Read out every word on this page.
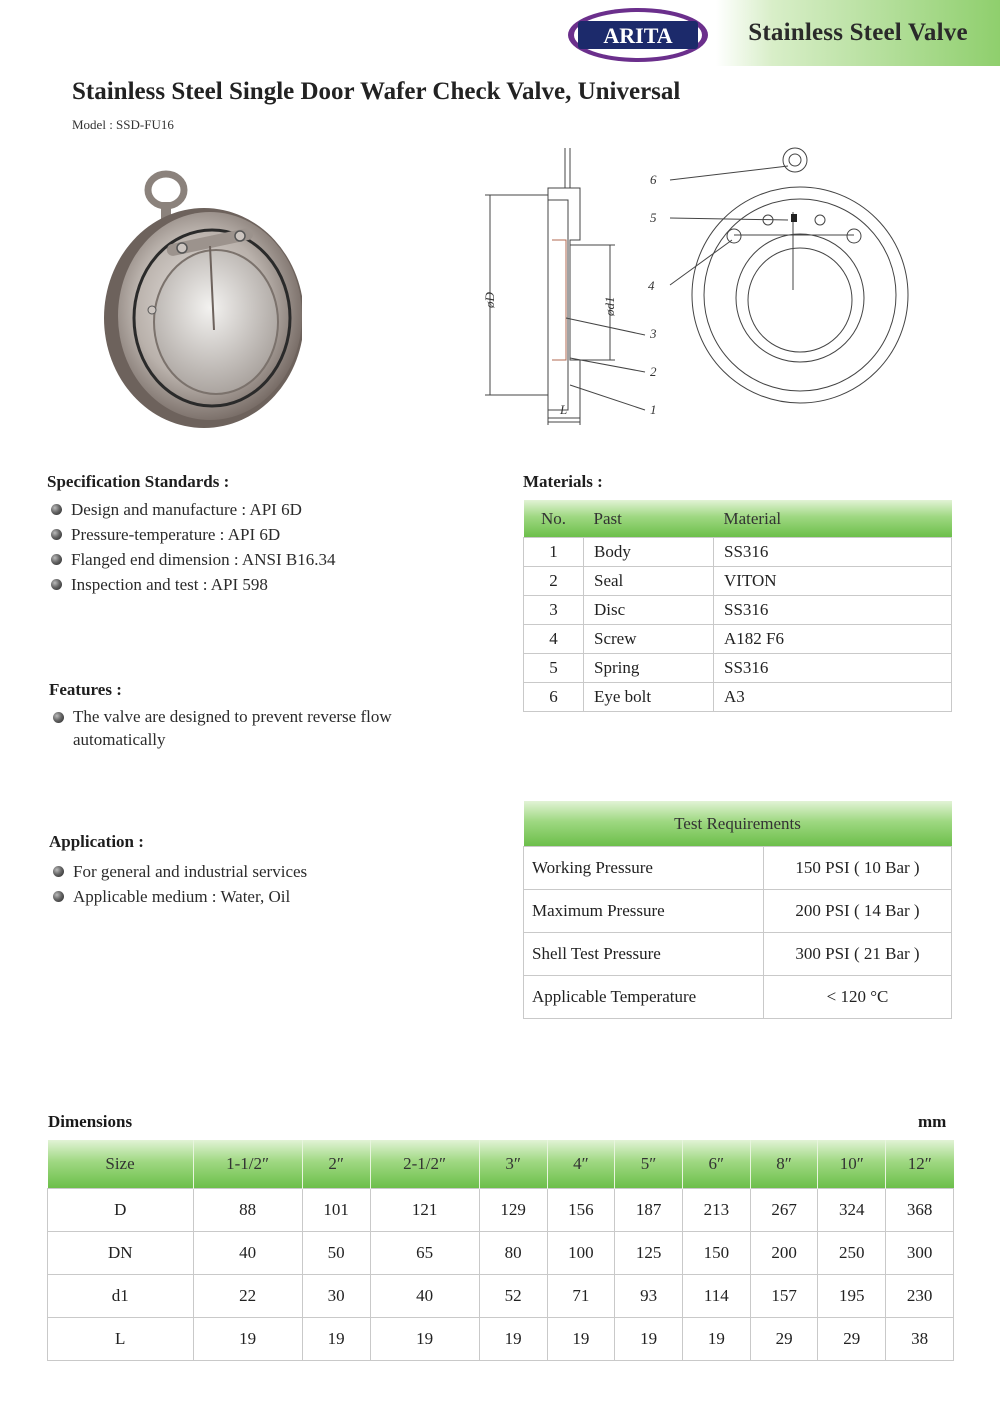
ARITA	Stainless Steel Valve
Stainless Steel Single Door Wafer Check Valve, Universal
Model : SSD-FU16
6
5
4
3
2
1
øD	ød1
L
Specification Standards :
Design and manufacture : API 6D
Pressure-temperature : API 6D
Flanged end dimension : ANSI B16.34
Inspection and test : API 598
Features :
The valve are designed to prevent reverse flow automatically
Application :
For general and industrial services
Applicable medium : Water, Oil
Materials :
No.	Past	Material
1	Body	SS316
2	Seal	VITON
3	Disc	SS316
4	Screw	A182 F6
5	Spring	SS316
6	Eye bolt	A3
Test Requirements	
Working Pressure	150 PSI ( 10 Bar )
Maximum Pressure	200 PSI ( 14 Bar )
Shell Test Pressure	300 PSI ( 21 Bar )
Applicable Temperature	< 120 °C
Dimensions	mm
Size	1-1/2″	2″	2-1/2″	3″	4″	5″	6″	8″	10″	12″
D	88	101	121	129	156	187	213	267	324	368
DN	40	50	65	80	100	125	150	200	250	300
d1	22	30	40	52	71	93	114	157	195	230
L	19	19	19	19	19	19	19	29	29	38
